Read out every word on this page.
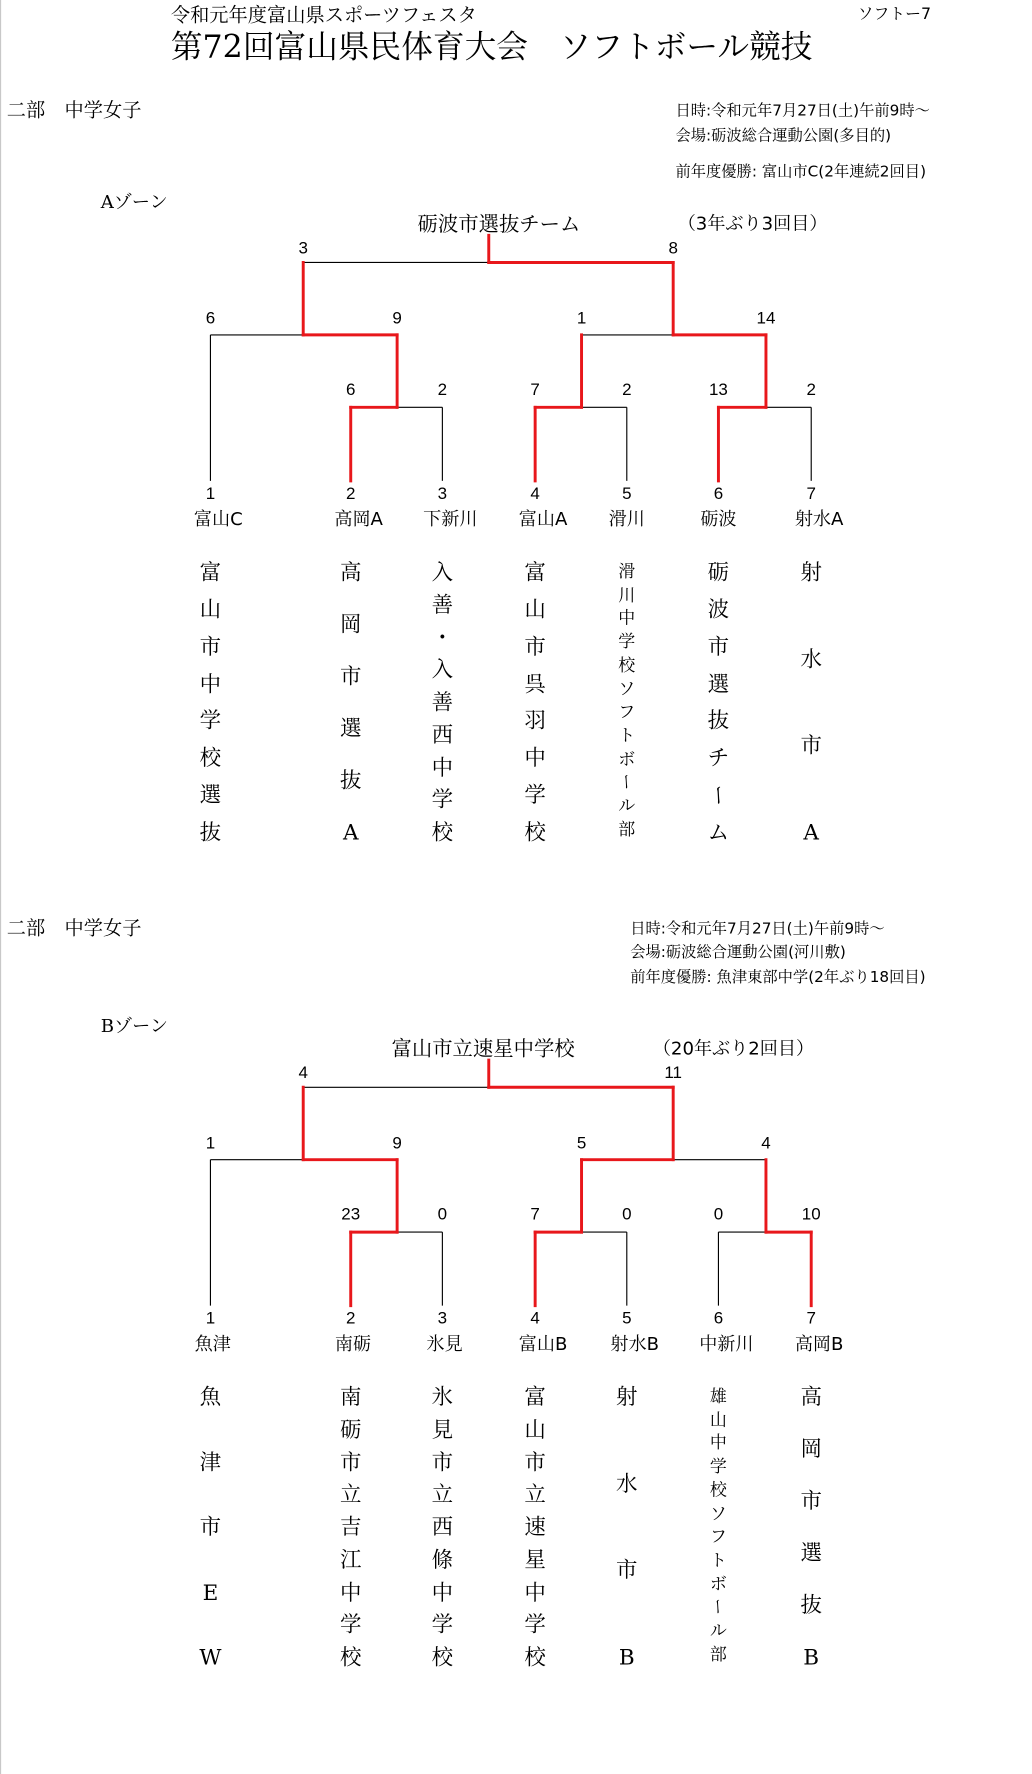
令和元年度富山県スポーツフェスタ	ソフトー7
第72回富山県民体育大会　ソフトボール競技
二部　中学女子	日時:令和元年7月27日(土)午前9時～
会場:砺波総合運動公園(多目的)
前年度優勝: 富山市C(2年連続2回目)
Aゾーン
砺波市選抜チーム	（3年ぶり3回目）
3	8
6	9	1	14
6	2	7	2	13	2
1	2	3	4	5	6	7
富山C	高岡A	下新川	富山A	滑川	砺波	射水A
富
山
市
中
学
校
選
抜
高
岡
市
選
抜
A
入
善
・
入
善
西
中
学
校
富
山
市
呉
羽
中
学
校
滑
川
中
学
校
ソ
フ
ト
ボ
ー
ル
部
砺
波
市
選
抜
チ
ー
ム
射
水
市
A
二部　中学女子	日時:令和元年7月27日(土)午前9時～
会場:砺波総合運動公園(河川敷)
前年度優勝: 魚津東部中学(2年ぶり18回目)
Bゾーン
富山市立速星中学校	（20年ぶり2回目）
4	11
1	9	5	4
23	0	7	0	0	10
1	2	3	4	5	6	7
魚津	南砺	氷見	富山B	射水B	中新川	高岡B
魚
津
市
E
W
南
砺
市
立
吉
江
中
学
校
氷
見
市
立
西
條
中
学
校
富
山
市
立
速
星
中
学
校
射
水
市
B
雄
山
中
学
校
ソ
フ
ト
ボ
ー
ル
部
高
岡
市
選
抜
B
